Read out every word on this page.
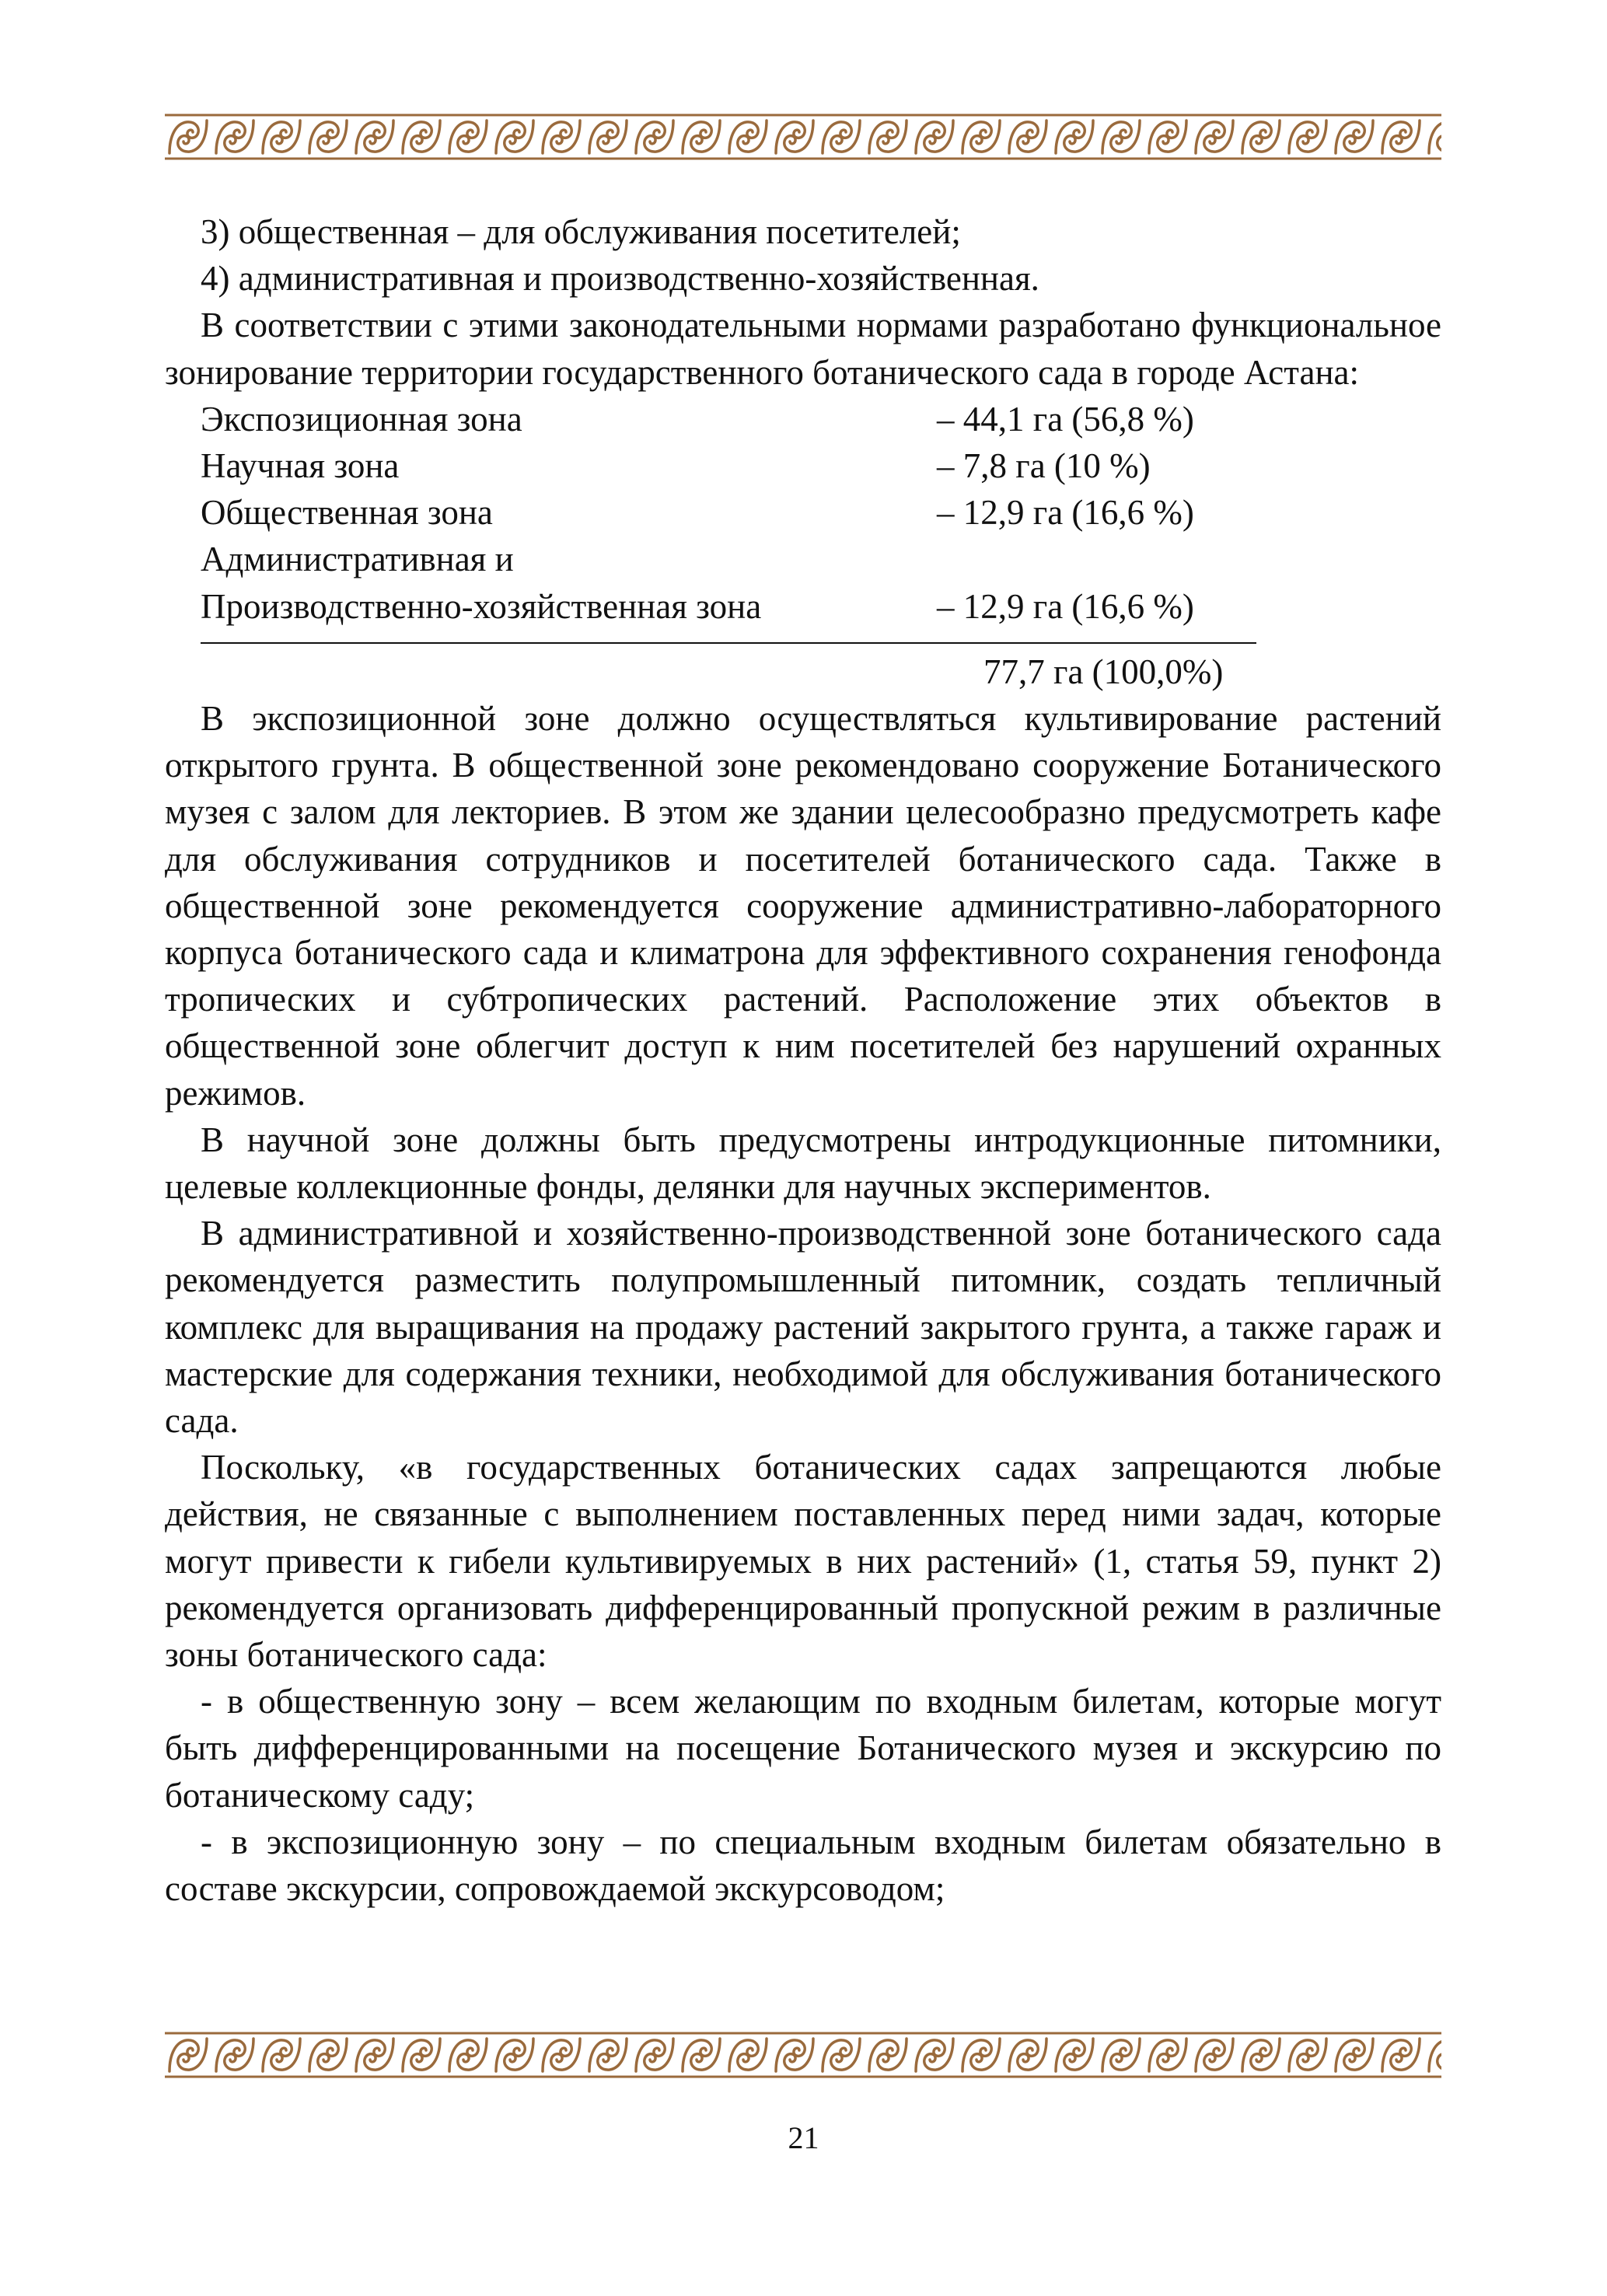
3) общественная – для обслуживания посетителей;
4) административная и производственно-хозяйственная.

В соответствии с этими законодательными нормами разработано функциональное зонирование территории государственного ботанического сада в городе Астана:

Экспозиционная зона	– 44,1 га (56,8 %)
Научная зона	– 7,8 га (10 %)
Общественная зона	– 12,9 га (16,6 %)
Административная и
Производственно-хозяйственная зона	– 12,9 га (16,6 %)
77,7 га (100,0%)

В экспозиционной зоне должно осуществляться культивирование растений открытого грунта. В общественной зоне рекомендовано сооружение Ботанического музея с залом для лекториев. В этом же здании целесообразно предусмотреть кафе для обслуживания сотрудников и посетителей ботанического сада. Также в общественной зоне рекомендуется сооружение административно-лабораторного корпуса ботанического сада и климатрона для эффективного сохранения генофонда тропических и субтропических растений. Расположение этих объектов в общественной зоне облегчит доступ к ним посетителей без нарушений охранных режимов.

В научной зоне должны быть предусмотрены интродукционные питомники, целевые коллекционные фонды, делянки для научных экспериментов.

В административной и хозяйственно-производственной зоне ботанического сада рекомендуется разместить полупромышленный питомник, создать тепличный комплекс для выращивания на продажу растений закрытого грунта, а также гараж и мастерские для содержания техники, необходимой для обслуживания ботанического сада.

Поскольку, «в государственных ботанических садах запрещаются любые действия, не связанные с выполнением поставленных перед ними задач, которые могут привести к гибели культивируемых в них растений» (1, статья 59, пункт 2) рекомендуется организовать дифференцированный пропускной режим в различные зоны ботанического сада:

- в общественную зону – всем желающим по входным билетам, которые могут быть дифференцированными на посещение Ботанического музея и экскурсию по ботаническому саду;

- в экспозиционную зону – по специальным входным билетам обязательно в составе экскурсии, сопровождаемой экскурсоводом;

21
